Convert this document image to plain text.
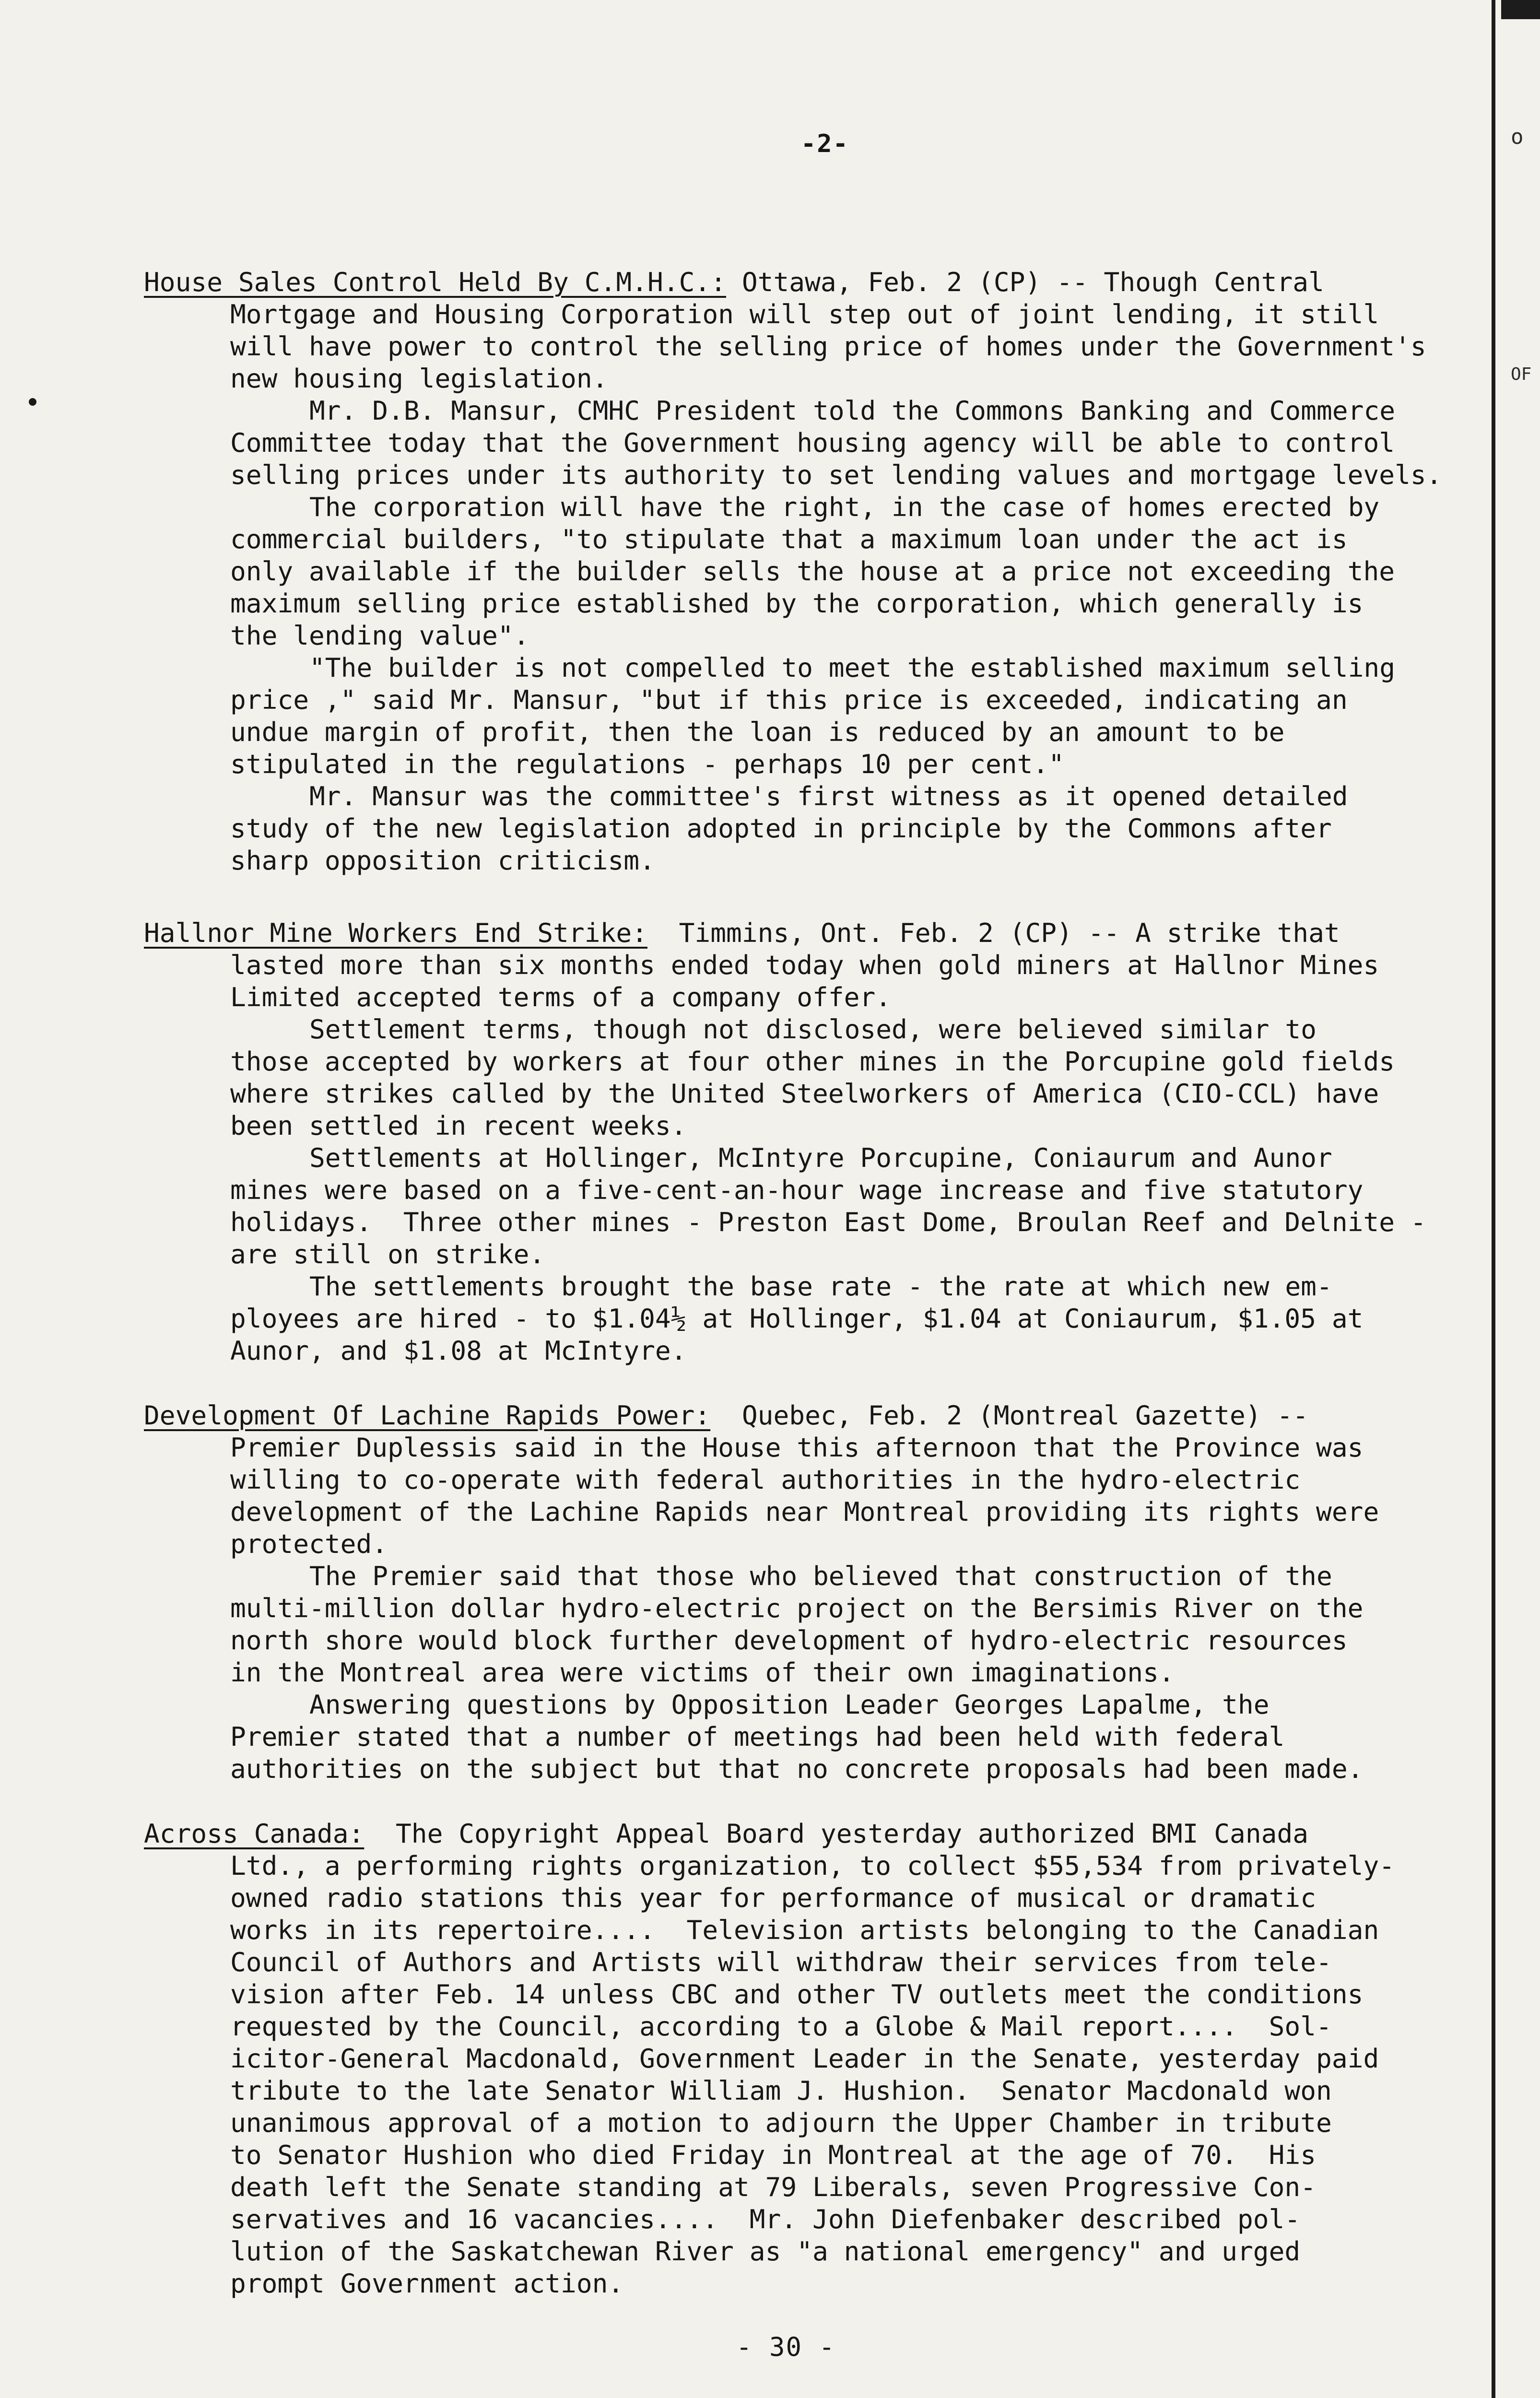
o
OF
-2-
House Sales Control Held By C.M.H.C.: Ottawa, Feb. 2 (CP) -- Though Central
Mortgage and Housing Corporation will step out of joint lending, it still
will have power to control the selling price of homes under the Government's
new housing legislation.
Mr. D.B. Mansur, CMHC President told the Commons Banking and Commerce
Committee today that the Government housing agency will be able to control
selling prices under its authority to set lending values and mortgage levels.
The corporation will have the right, in the case of homes erected by
commercial builders, "to stipulate that a maximum loan under the act is
only available if the builder sells the house at a price not exceeding the
maximum selling price established by the corporation, which generally is
the lending value".
"The builder is not compelled to meet the established maximum selling
price ," said Mr. Mansur, "but if this price is exceeded, indicating an
undue margin of profit, then the loan is reduced by an amount to be
stipulated in the regulations - perhaps 10 per cent."
Mr. Mansur was the committee's first witness as it opened detailed
study of the new legislation adopted in principle by the Commons after
sharp opposition criticism.
Hallnor Mine Workers End Strike:  Timmins, Ont. Feb. 2 (CP) -- A strike that
lasted more than six months ended today when gold miners at Hallnor Mines
Limited accepted terms of a company offer.
Settlement terms, though not disclosed, were believed similar to
those accepted by workers at four other mines in the Porcupine gold fields
where strikes called by the United Steelworkers of America (CIO-CCL) have
been settled in recent weeks.
Settlements at Hollinger, McIntyre Porcupine, Coniaurum and Aunor
mines were based on a five-cent-an-hour wage increase and five statutory
holidays.  Three other mines - Preston East Dome, Broulan Reef and Delnite -
are still on strike.
The settlements brought the base rate - the rate at which new em-
ployees are hired - to $1.04½ at Hollinger, $1.04 at Coniaurum, $1.05 at
Aunor, and $1.08 at McIntyre.
Development Of Lachine Rapids Power:  Quebec, Feb. 2 (Montreal Gazette) --
Premier Duplessis said in the House this afternoon that the Province was
willing to co-operate with federal authorities in the hydro-electric
development of the Lachine Rapids near Montreal providing its rights were
protected.
The Premier said that those who believed that construction of the
multi-million dollar hydro-electric project on the Bersimis River on the
north shore would block further development of hydro-electric resources
in the Montreal area were victims of their own imaginations.
Answering questions by Opposition Leader Georges Lapalme, the
Premier stated that a number of meetings had been held with federal
authorities on the subject but that no concrete proposals had been made.
Across Canada:  The Copyright Appeal Board yesterday authorized BMI Canada
Ltd., a performing rights organization, to collect $55,534 from privately-
owned radio stations this year for performance of musical or dramatic
works in its repertoire....  Television artists belonging to the Canadian
Council of Authors and Artists will withdraw their services from tele-
vision after Feb. 14 unless CBC and other TV outlets meet the conditions
requested by the Council, according to a Globe & Mail report....  Sol-
icitor-General Macdonald, Government Leader in the Senate, yesterday paid
tribute to the late Senator William J. Hushion.  Senator Macdonald won
unanimous approval of a motion to adjourn the Upper Chamber in tribute
to Senator Hushion who died Friday in Montreal at the age of 70.  His
death left the Senate standing at 79 Liberals, seven Progressive Con-
servatives and 16 vacancies....  Mr. John Diefenbaker described pol-
lution of the Saskatchewan River as "a national emergency" and urged
prompt Government action.
- 30 -
